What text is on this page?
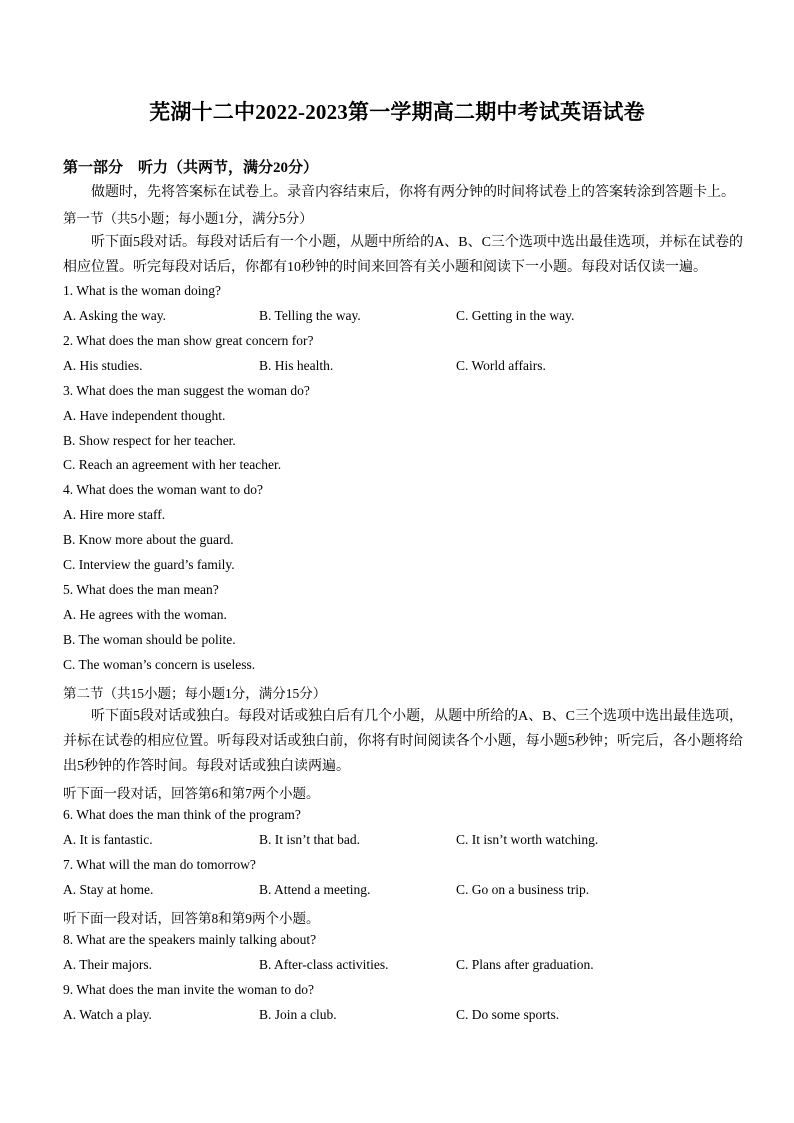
芜湖十二中2022-2023第一学期高二期中考试英语试卷
第一部分　听力（共两节，满分20分）
做题时，先将答案标在试卷上。录音内容结束后，你将有两分钟的时间将试卷上的答案转涂到答题卡上。
第一节（共5小题；每小题1分，满分5分）
听下面5段对话。每段对话后有一个小题，从题中所给的A、B、C三个选项中选出最佳选项，并标在试卷的相应位置。听完每段对话后，你都有10秒钟的时间来回答有关小题和阅读下一小题。每段对话仅读一遍。
1. What is the woman doing?
A. Asking the way.	B. Telling the way.	C. Getting in the way.
2. What does the man show great concern for?
A. His studies.	B. His health.	C. World affairs.
3. What does the man suggest the woman do?
A. Have independent thought.
B. Show respect for her teacher.
C. Reach an agreement with her teacher.
4. What does the woman want to do?
A. Hire more staff.
B. Know more about the guard.
C. Interview the guard’s family.
5. What does the man mean?
A. He agrees with the woman.
B. The woman should be polite.
C. The woman’s concern is useless.
第二节（共15小题；每小题1分，满分15分）
听下面5段对话或独白。每段对话或独白后有几个小题，从题中所给的A、B、C三个选项中选出最佳选项，并标在试卷的相应位置。听每段对话或独白前，你将有时间阅读各个小题，每小题5秒钟；听完后，各小题将给出5秒钟的作答时间。每段对话或独白读两遍。
听下面一段对话，回答第6和第7两个小题。
6. What does the man think of the program?
A. It is fantastic.	B. It isn’t that bad.	C. It isn’t worth watching.
7. What will the man do tomorrow?
A. Stay at home.	B. Attend a meeting.	C. Go on a business trip.
听下面一段对话，回答第8和第9两个小题。
8. What are the speakers mainly talking about?
A. Their majors.	B. After-class activities.	C. Plans after graduation.
9. What does the man invite the woman to do?
A. Watch a play.	B. Join a club.	C. Do some sports.
